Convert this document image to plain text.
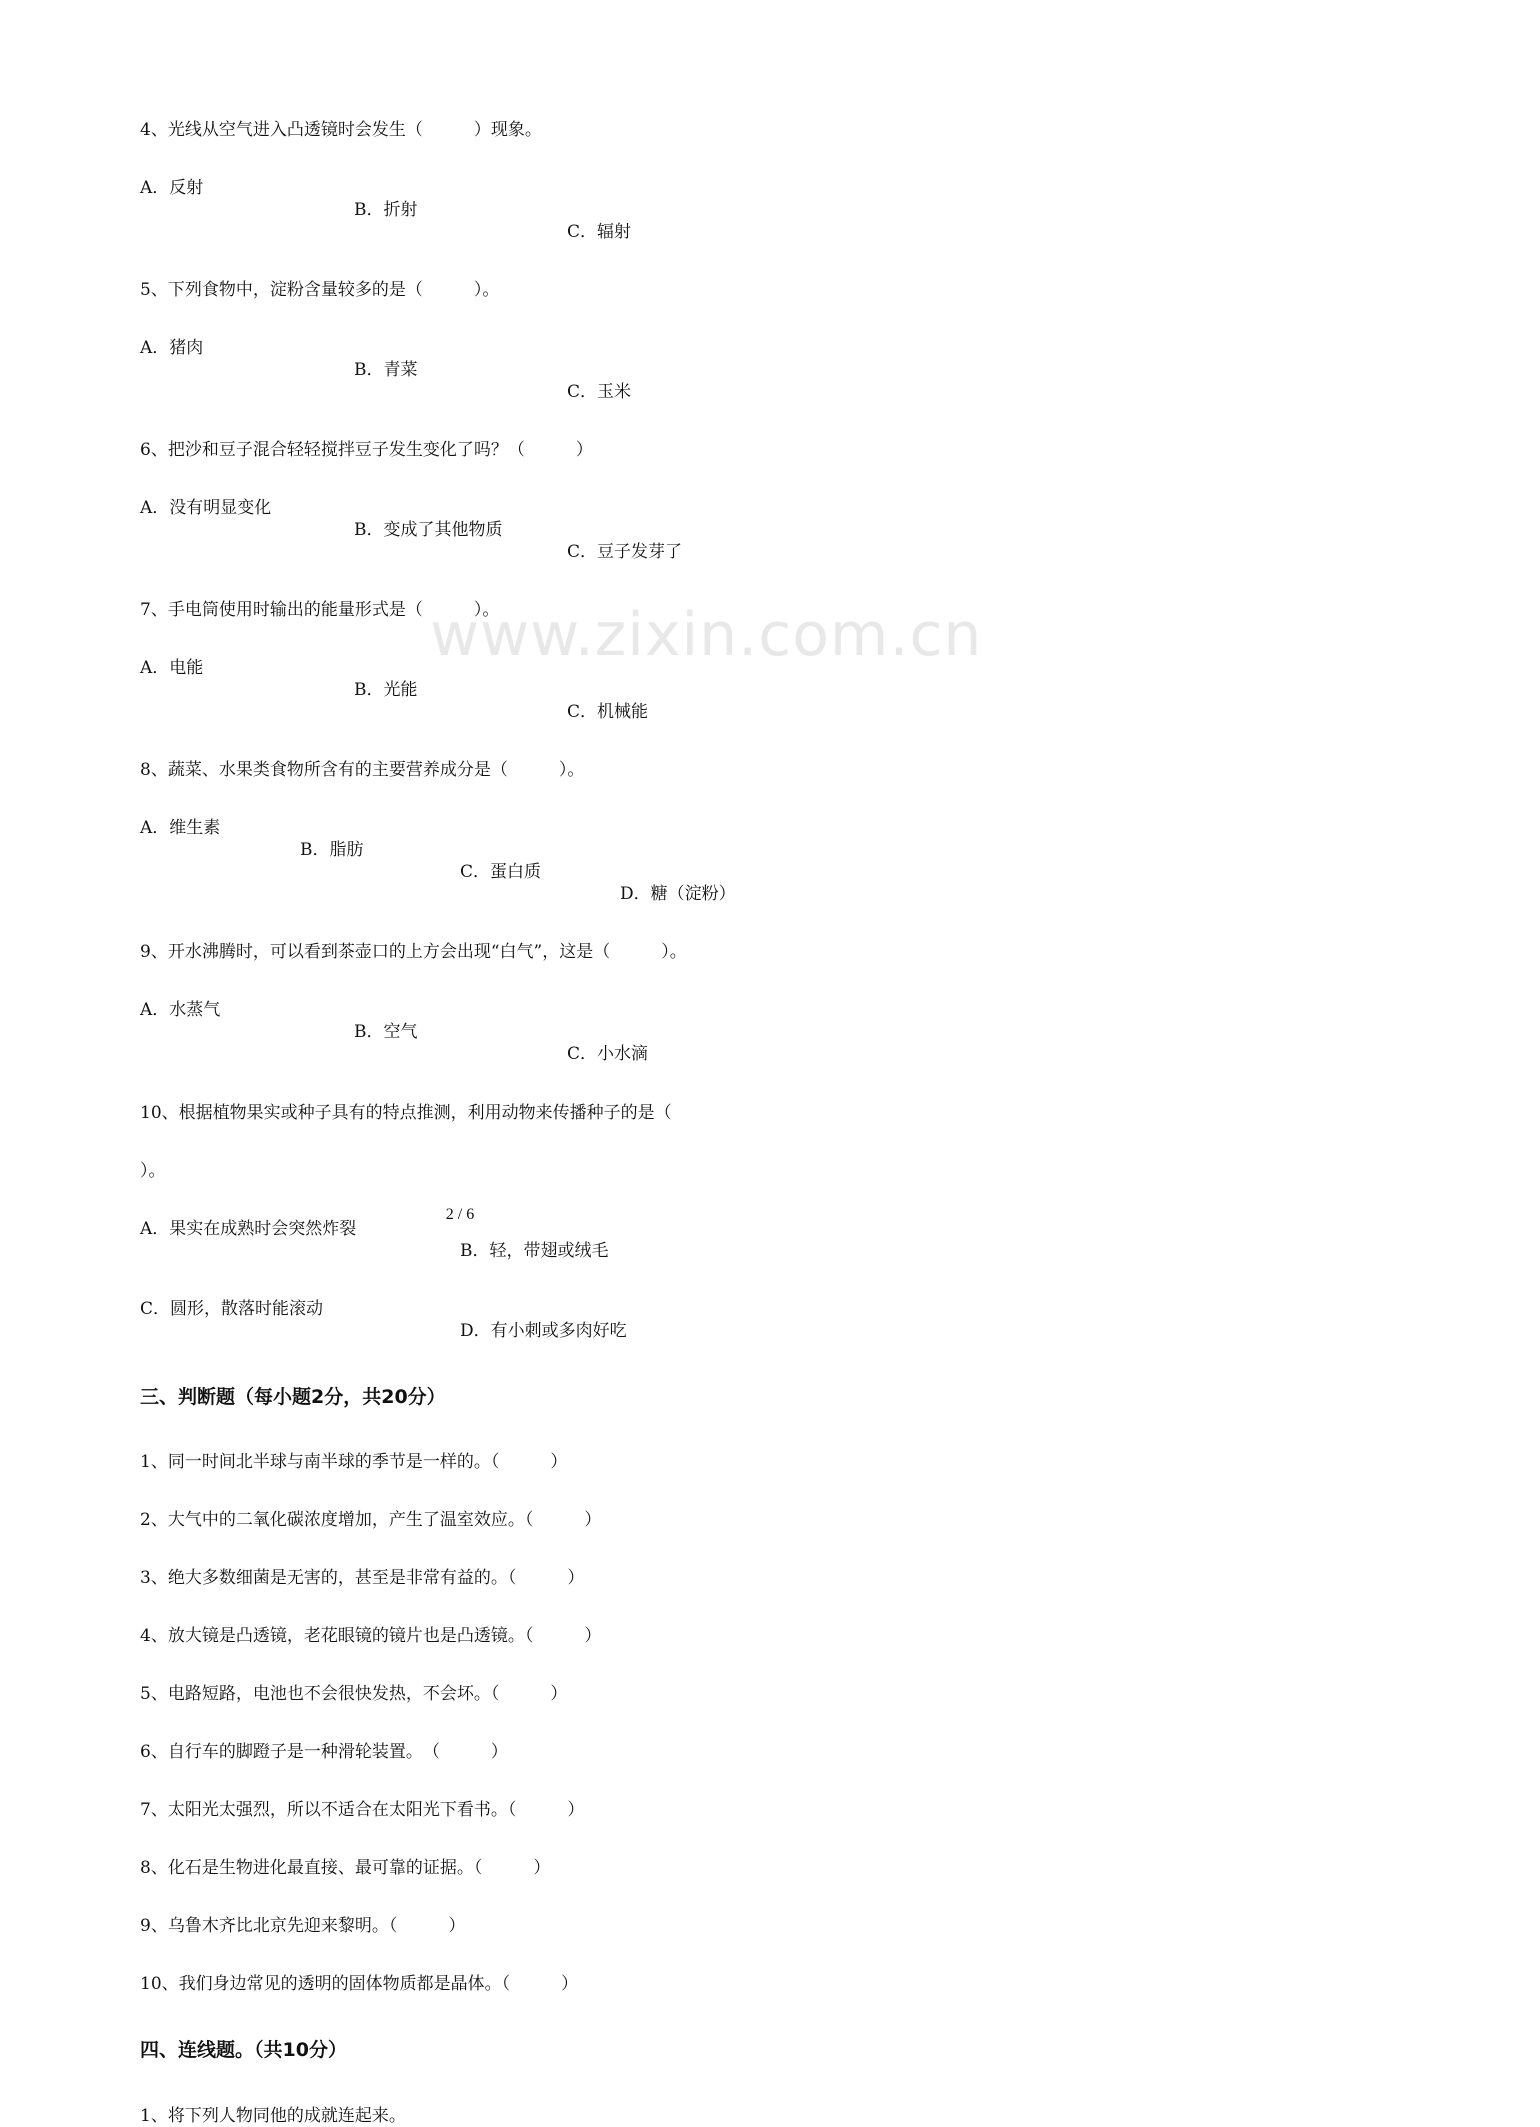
www.zixin.com.cn
4、光线从空气进入凸透镜时会发生（　　　）现象。
A．反射
B．折射
C．辐射
5、下列食物中，淀粉含量较多的是（　　　）。
A．猪肉
B．青菜
C．玉米
6、把沙和豆子混合轻轻搅拌豆子发生变化了吗？（　　　）
A．没有明显变化
B．变成了其他物质
C．豆子发芽了
7、手电筒使用时输出的能量形式是（　　　）。
A．电能
B．光能
C．机械能
8、蔬菜、水果类食物所含有的主要营养成分是（　　　）。
A．维生素
B．脂肪
C．蛋白质
D．糖（淀粉）
9、开水沸腾时，可以看到茶壶口的上方会出现“白气”，这是（　　　）。
A．水蒸气
B．空气
C．小水滴
10、根据植物果实或种子具有的特点推测，利用动物来传播种子的是（
）。
A．果实在成熟时会突然炸裂
B．轻，带翅或绒毛
C．圆形，散落时能滚动
D．有小刺或多肉好吃
三、判断题（每小题2分，共20分）
1、同一时间北半球与南半球的季节是一样的。（　　　）
2、大气中的二氧化碳浓度增加，产生了温室效应。（　　　）
3、绝大多数细菌是无害的，甚至是非常有益的。（　　　）
4、放大镜是凸透镜，老花眼镜的镜片也是凸透镜。（　　　）
5、电路短路，电池也不会很快发热，不会坏。（　　　）
6、自行车的脚蹬子是一种滑轮装置。　（　　　）
7、太阳光太强烈，所以不适合在太阳光下看书。（　　　）
8、化石是生物进化最直接、最可靠的证据。（　　　）
9、乌鲁木齐比北京先迎来黎明。（　　　）
10、我们身边常见的透明的固体物质都是晶体。（　　　）
四、连线题。（共10分）
1、将下列人物同他的成就连起来。
2 / 6
